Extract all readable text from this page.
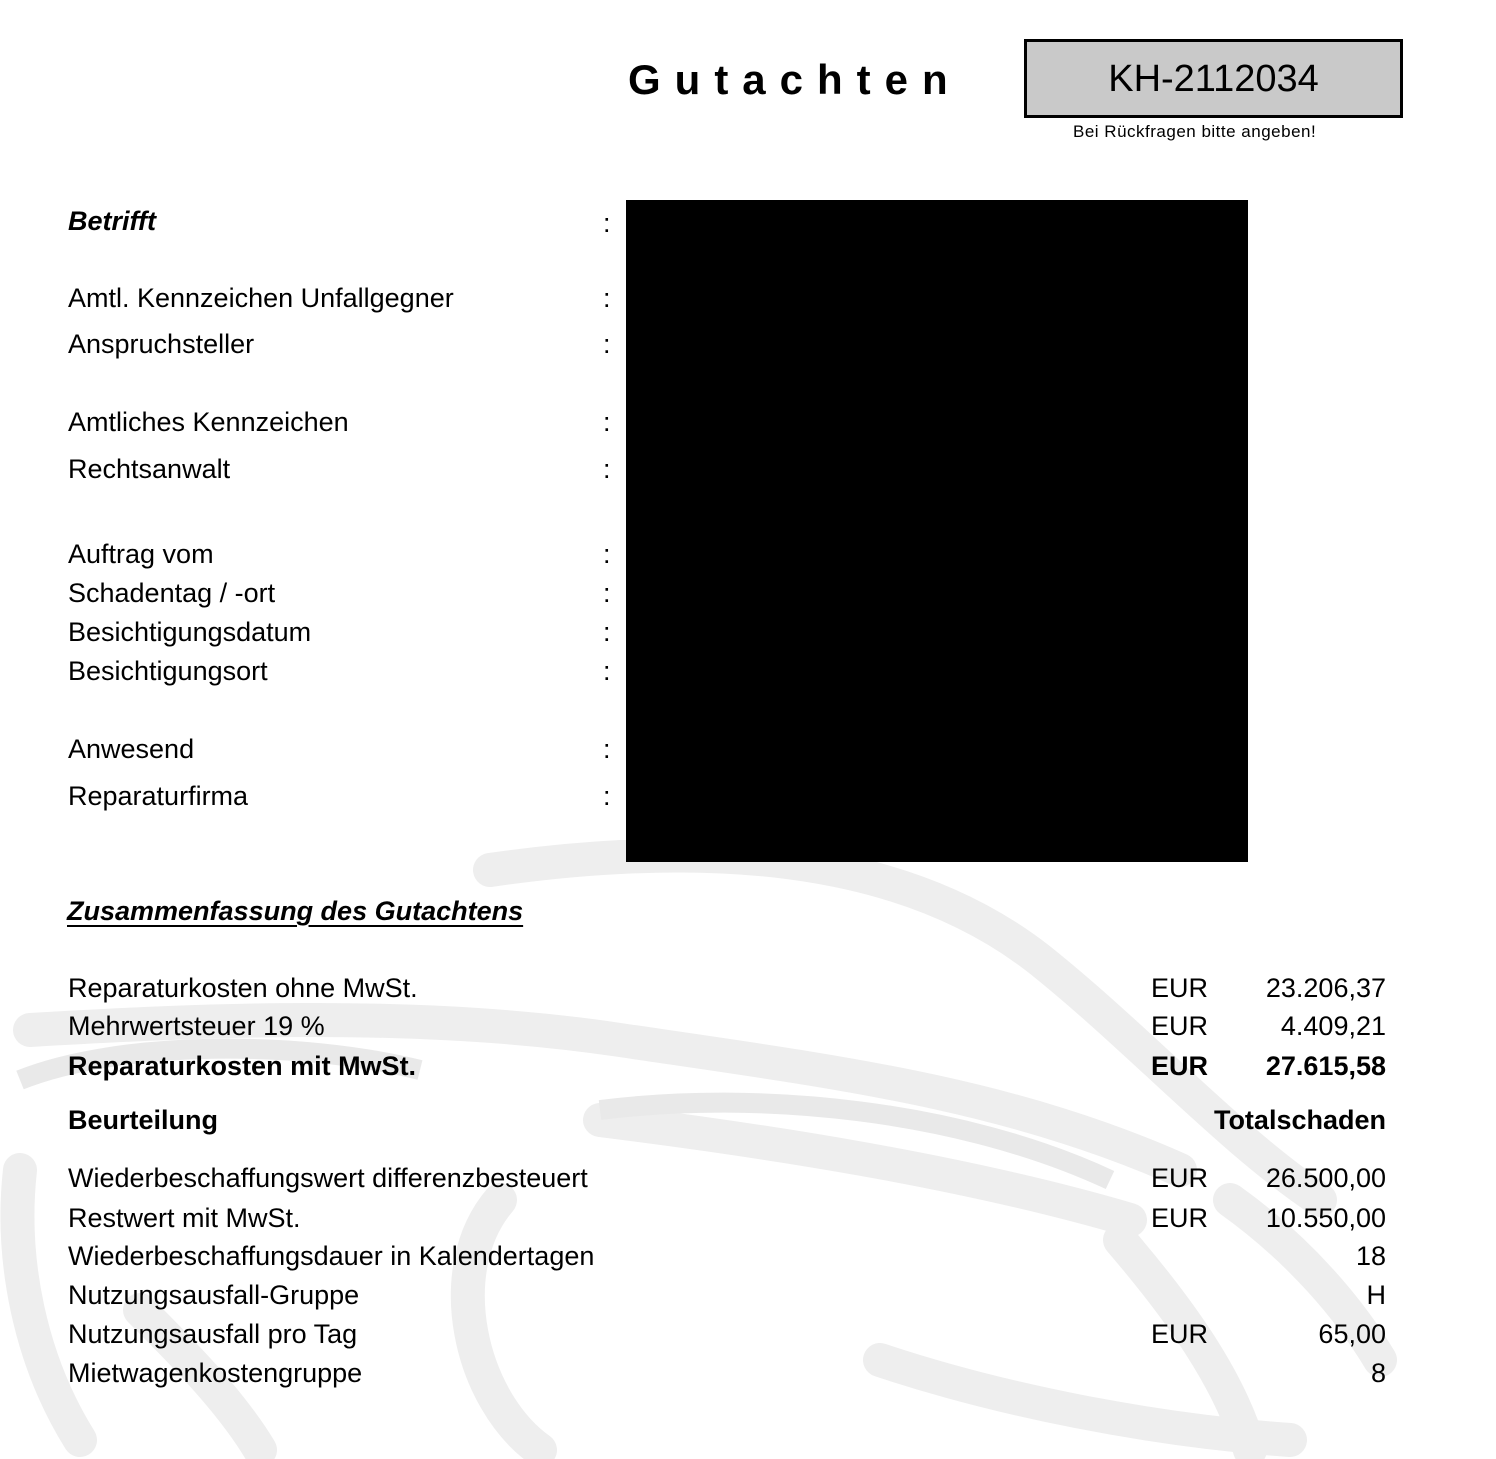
Gutachten	KH-2112034
Bei Rückfragen bitte angeben!
Betrifft	:
Amtl. Kennzeichen Unfallgegner	:
Anspruchsteller	:
Amtliches Kennzeichen	:
Rechtsanwalt	:
Auftrag vom	:
Schadentag / -ort	:
Besichtigungsdatum	:
Besichtigungsort	:
Anwesend	:
Reparaturfirma	:
Zusammenfassung des Gutachtens
Reparaturkosten ohne MwSt.	EUR 23.206,37
Mehrwertsteuer 19 %	EUR	4.409,21
Reparaturkosten mit MwSt.	EUR 27.615,58
Beurteilung	Totalschaden
Wiederbeschaffungswert differenzbesteuert	EUR 26.500,00
Restwert mit MwSt.	EUR 10.550,00
Wiederbeschaffungsdauer in Kalendertagen	18
Nutzungsausfall-Gruppe	H
Nutzungsausfall pro Tag	EUR	65,00
Mietwagenkostengruppe	8
